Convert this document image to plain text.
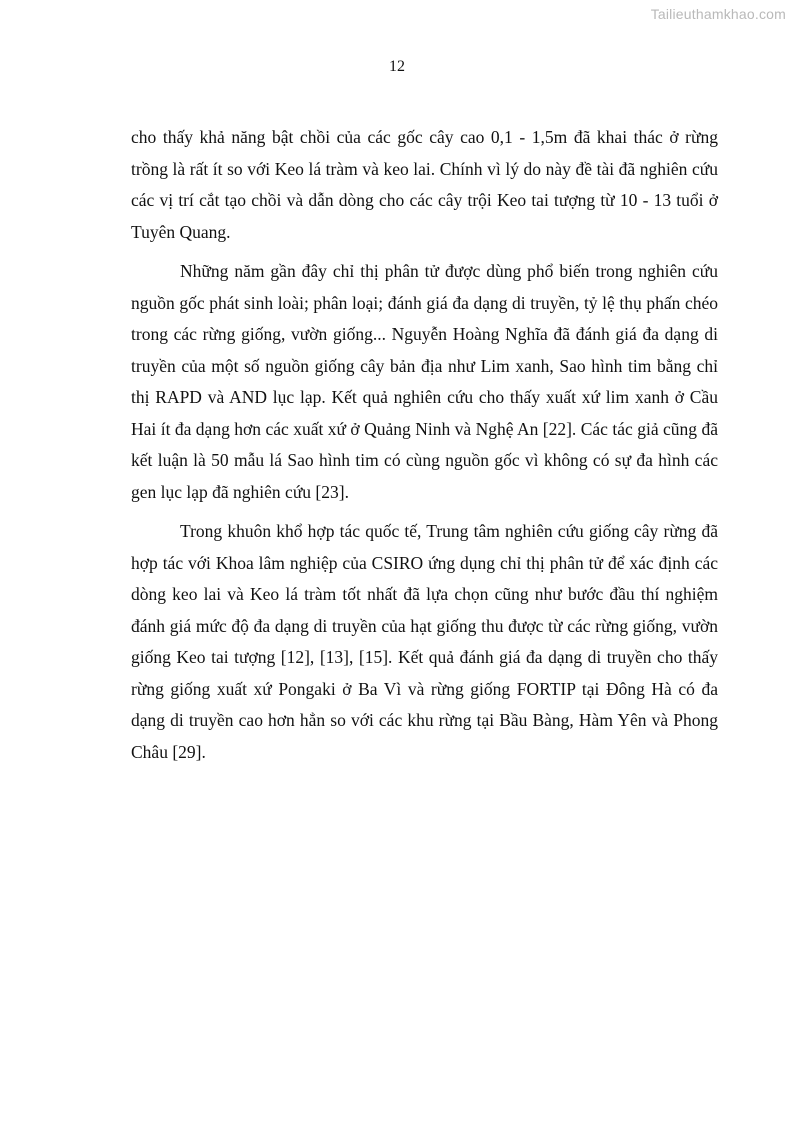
Tailieuthamkhao.com
12

cho thấy khả năng bật chồi của các gốc cây cao 0,1 - 1,5m đã khai thác ở rừng trồng là rất ít so với Keo lá tràm và keo lai. Chính vì lý do này đề tài đã nghiên cứu các vị trí cắt tạo chồi và dẫn dòng cho các cây trội Keo tai tượng từ 10 - 13 tuổi ở Tuyên Quang.

Những năm gần đây chỉ thị phân tử được dùng phổ biến trong nghiên cứu nguồn gốc phát sinh loài; phân loại; đánh giá đa dạng di truyền, tỷ lệ thụ phấn chéo trong các rừng giống, vườn giống... Nguyễn Hoàng Nghĩa đã đánh giá đa dạng di truyền của một số nguồn giống cây bản địa như Lim xanh, Sao hình tim bằng chỉ thị RAPD và AND lục lạp. Kết quả nghiên cứu cho thấy xuất xứ lim xanh ở Cầu Hai ít đa dạng hơn các xuất xứ ở Quảng Ninh và Nghệ An [22]. Các tác giả cũng đã kết luận là 50 mẫu lá Sao hình tim có cùng nguồn gốc vì không có sự đa hình các gen lục lạp đã nghiên cứu [23].

Trong khuôn khổ hợp tác quốc tế, Trung tâm nghiên cứu giống cây rừng đã hợp tác với Khoa lâm nghiệp của CSIRO ứng dụng chỉ thị phân tử để xác định các dòng keo lai và Keo lá tràm tốt nhất đã lựa chọn cũng như bước đầu thí nghiệm đánh giá mức độ đa dạng di truyền của hạt giống thu được từ các rừng giống, vườn giống Keo tai tượng [12], [13], [15]. Kết quả đánh giá đa dạng di truyền cho thấy rừng giống xuất xứ Pongaki ở Ba Vì và rừng giống FORTIP tại Đông Hà có đa dạng di truyền cao hơn hẳn so với các khu rừng tại Bầu Bàng, Hàm Yên và Phong Châu [29].
